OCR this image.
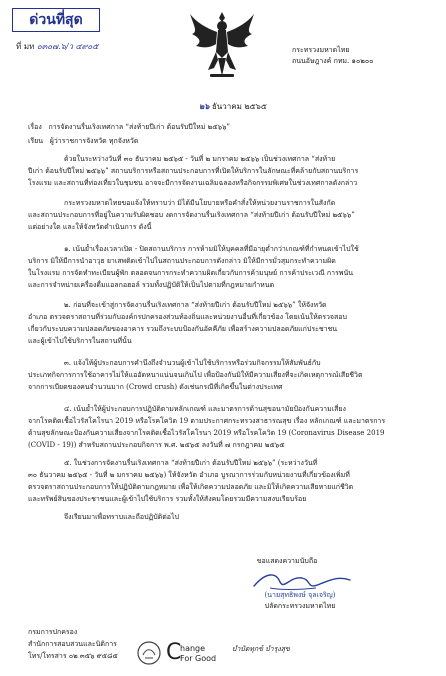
ด่วนที่สุด
ที่ มท ๐๓๐๗.๖/ว ๔๙๐๕	กระทรวงมหาดไทย
ถนนอัษฎางค์ กทม. ๑๐๒๐๐
๒๖ ธันวาคม ๒๕๖๕
เรื่อง การจัดงานรื่นเริงเทศกาล “ส่งท้ายปีเก่า ต้อนรับปีใหม่ ๒๕๖๖”
เรียน ผู้ว่าราชการจังหวัด ทุกจังหวัด
ด้วยในระหว่างวันที่ ๓๐ ธันวาคม ๒๕๖๕ - วันที่ ๒ มกราคม ๒๕๖๖ เป็นช่วงเทศกาล “ส่งท้าย
ปีเก่า ต้อนรับปีใหม่ ๒๕๖๖” สถานบริการหรือสถานประกอบการที่เปิดให้บริการในลักษณะที่คล้ายกับสถานบริการ
โรงแรม และสถานที่ท่องเที่ยวในชุมชน อาจจะมีการจัดงานเฉลิมฉลองหรือกิจกรรมพิเศษในช่วงเทศกาลดังกล่าว
กระทรวงมหาดไทยขอแจ้งให้ทราบว่า มิได้มีนโยบายหรือคำสั่งให้หน่วยงานราชการในสังกัด
และสถานประกอบการที่อยู่ในความรับผิดชอบ งดการจัดงานรื่นเริงเทศกาล “ส่งท้ายปีเก่า ต้อนรับปีใหม่ ๒๕๖๖”
แต่อย่างใด และให้จังหวัดดำเนินการ ดังนี้
๑. เน้นย้ำเรื่องเวลาเปิด - ปิดสถานบริการ การห้ามมิให้บุคคลที่มีอายุต่ำกว่าเกณฑ์ที่กำหนดเข้าไปใช้
บริการ มิให้มีการนำอาวุธ ยาเสพติดเข้าไปในสถานประกอบการดังกล่าว มิให้มีการมั่วสุมกระทำความผิด
ในโรงแรม การจัดทำทะเบียนผู้พัก ตลอดจนการกระทำความผิดเกี่ยวกับการค้ามนุษย์ การค้าประเวณี การพนัน
และการจำหน่ายเครื่องดื่มแอลกอฮอล์ รวมทั้งปฏิบัติให้เป็นไปตามที่กฎหมายกำหนด
๒. ก่อนที่จะเข้าสู่การจัดงานรื่นเริงเทศกาล “ส่งท้ายปีเก่า ต้อนรับปีใหม่ ๒๕๖๖” ให้จังหวัด
อำเภอ ตรวจตราสถานที่ร่วมกับองค์กรปกครองส่วนท้องถิ่นและหน่วยงานอื่นที่เกี่ยวข้อง โดยเน้นให้ตรวจสอบ
เกี่ยวกับระบบความปลอดภัยของอาคาร รวมถึงระบบป้องกันอัคคีภัย เพื่อสร้างความปลอดภัยแก่ประชาชน
และผู้เข้าไปใช้บริการในสถานที่นั้น
๓. แจ้งให้ผู้ประกอบการคำนึงถึงจำนวนผู้เข้าไปใช้บริการหรือร่วมกิจกรรมให้สัมพันธ์กับ
ประเภทกิจการการใช้อาคารไม่ให้แออัดหนาแน่นจนเกินไป เพื่อป้องกันมิให้มีความเสี่ยงที่จะเกิดเหตุการณ์เสียชีวิต
จากการเบียดของคนจำนวนมาก (Crowd crush) ดังเช่นกรณีที่เกิดขึ้นในต่างประเทศ
๔. เน้นย้ำให้ผู้ประกอบการปฏิบัติตามหลักเกณฑ์ และมาตรการด้านสุขอนามัยป้องกันความเสี่ยง
จากโรคติดเชื้อไวรัสโคโรนา 2019 หรือโรคโควิด 19 ตามประกาศกระทรวงสาธารณสุข เรื่อง หลักเกณฑ์ และมาตรการ
ด้านสุขลักษณะป้องกันความเสี่ยงจากโรคติดเชื้อไวรัสโคโรนา 2019 หรือโรคโควิด 19 (Coronavirus Disease 2019
(COVID - 19)) สำหรับสถานประกอบกิจการ พ.ศ. ๒๕๖๕ ลงวันที่ ๗ กรกฎาคม ๒๕๖๕
๕. ในช่วงการจัดงานรื่นเริงเทศกาล “ส่งท้ายปีเก่า ต้อนรับปีใหม่ ๒๕๖๖” (ระหว่างวันที่
๓๐ ธันวาคม ๒๕๖๕ - วันที่ ๒ มกราคม ๒๕๖๖) ให้จังหวัด อำเภอ บูรณาการร่วมกับหน่วยงานที่เกี่ยวข้องเพิ่มที่
ตรวจตราสถานประกอบการให้ปฏิบัติตามกฎหมาย เพื่อให้เกิดความปลอดภัย และมิให้เกิดความเสียหายแก่ชีวิต
และทรัพย์สินของประชาชนและผู้เข้าไปใช้บริการ รวมทั้งให้สังคมโดยรวมมีความสงบเรียบร้อย
จึงเรียนมาเพื่อทราบและถือปฏิบัติต่อไป
ขอแสดงความนับถือ
(นายสุทธิพงษ์ จุลเจริญ)
ปลัดกระทรวงมหาดไทย
กรมการปกครอง
สำนักการสอบสวนและนิติการ
โทร/โทรสาร ๐๒ ๓๕๖ ๙๕๘๕ C
hange
For Good
บำบัดทุกข์ บำรุงสุข
